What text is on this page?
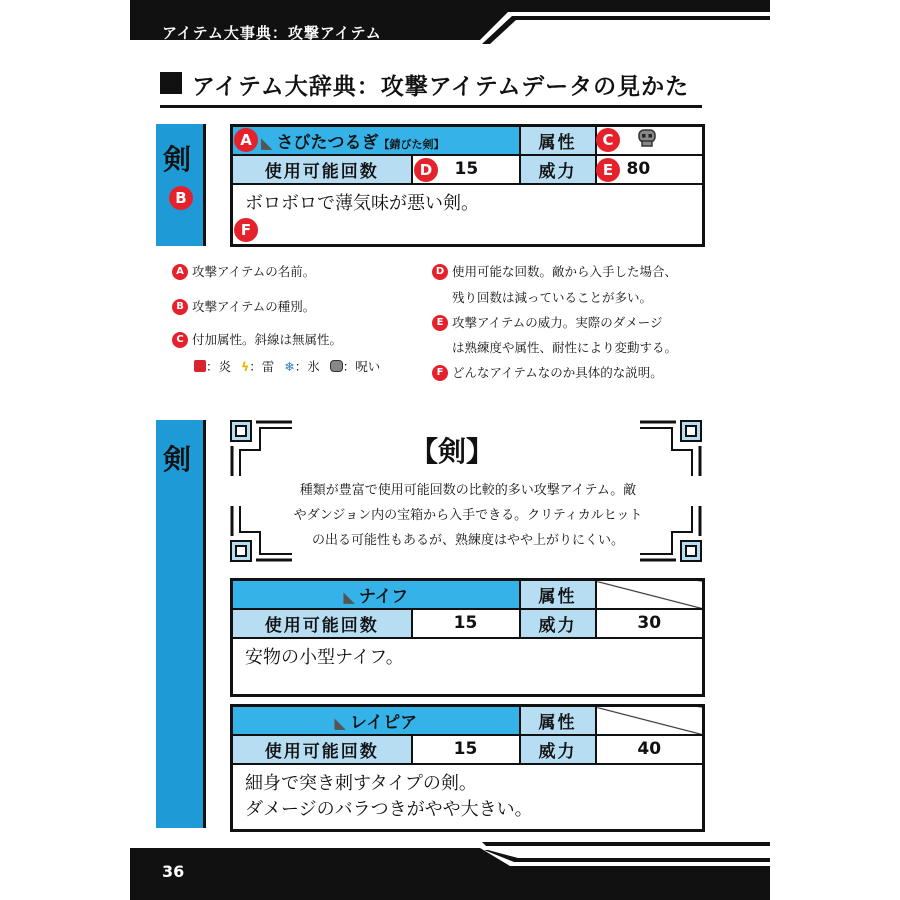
アイテム大事典：攻撃アイテム
アイテム大辞典：攻撃アイテムデータの見かた
剣
B
◣ さびたつるぎ【錆びた剣】		属性	
使用可能回数	15	威力	80
ボロボロで薄気味が悪い剣。			
A	C
D	E
F
A 攻撃アイテムの名前。
B 攻撃アイテムの種別。
C 付加属性。斜線は無属性。
：炎 ϟ：雷 ❄：氷 ：呪い
D 使用可能な回数。敵から入手した場合、
残り回数は減っていることが多い。
E 攻撃アイテムの威力。実際のダメージ
は熟練度や属性、耐性により変動する。
F どんなアイテムなのか具体的な説明。
剣	【剣】
種類が豊富で使用可能回数の比較的多い攻撃アイテム。敵
やダンジョン内の宝箱から入手できる。クリティカルヒット
の出る可能性もあるが、熟練度はやや上がりにくい。
◣ ナイフ		属性	
使用可能回数	15	威力	30

安物の小型ナイフ。			
◣ レイピア		属性	
使用可能回数	15	威力	40

細身で突き刺すタイプの剣。
ダメージのバラつきがやや大きい。			
36
